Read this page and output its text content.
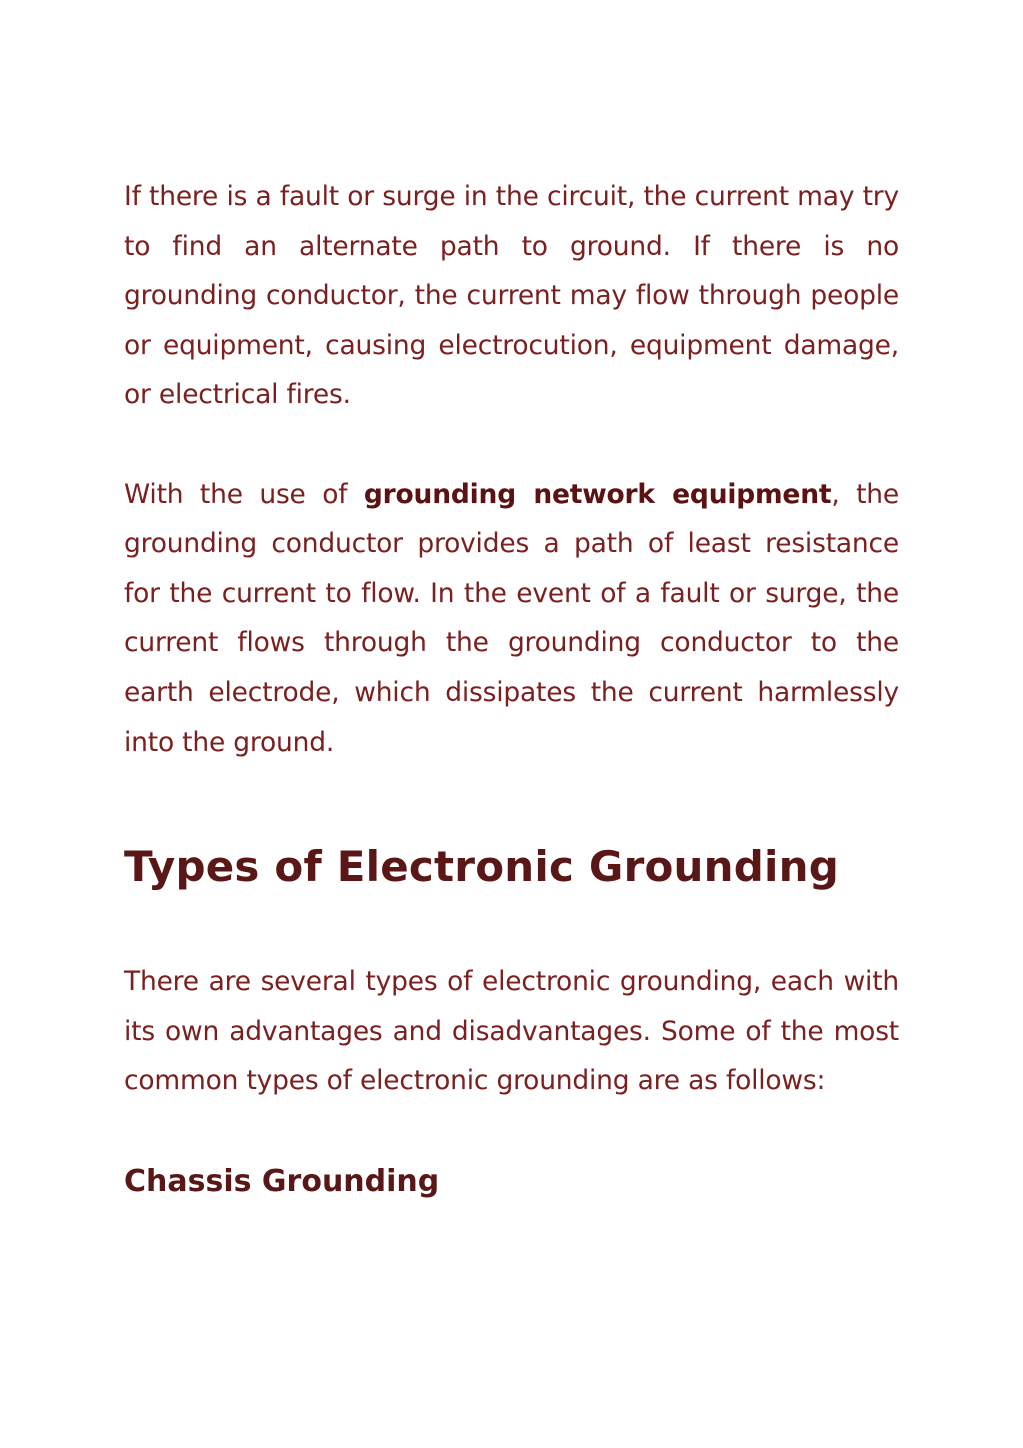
If there is a fault or surge in the circuit, the current may try to find an alternate path to ground. If there is no grounding conductor, the current may flow through people or equipment, causing electrocution, equipment damage, or electrical fires.

With the use of grounding network equipment, the grounding conductor provides a path of least resistance for the current to flow. In the event of a fault or surge, the current flows through the grounding conductor to the earth electrode, which dissipates the current harmlessly into the ground.

Types of Electronic Grounding

There are several types of electronic grounding, each with its own advantages and disadvantages. Some of the most common types of electronic grounding are as follows:

Chassis Grounding
